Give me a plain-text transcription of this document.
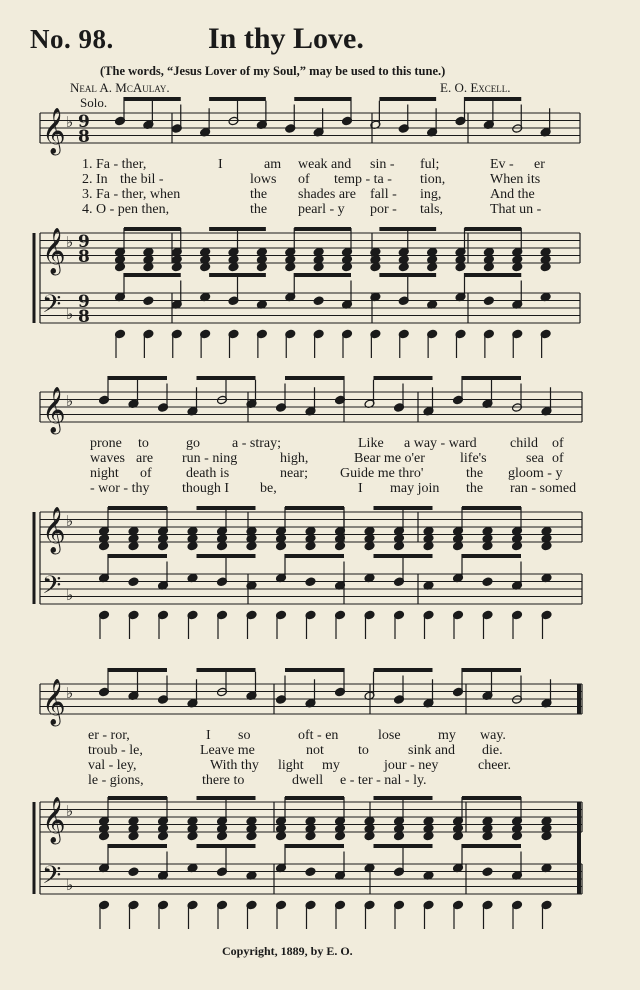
No. 98.	In thy Love.
(The words, “Jesus Lover of my Soul,” may be used to this tune.)
Neal A. McAulay.	E. O. Excell.
Solo.
𝄞
𝄞
𝄢
♭
♭
♭
9
8
9
8
9
8
𝄞
𝄞
𝄢
♭
♭
♭
𝄞
𝄞
𝄢
♭
♭
♭
1. Fa - ther,	I	am weak and sin - ful;	Ev - er
2. In the bil -	lows of temp - ta - tion,	When its
3. Fa - ther, when	the shades are fall - ing,	And the
4. O - pen then,	the pearl - y por - tals,	That un -
prone to	go a - stray;	Like a way - ward child of
waves are run - ning	high,	Bear me o'er	life's	sea of
night of death is	near; Guide me thro'	the gloom - y
- wor - thy though I be,	I may join the ran - somed
er - ror,	I so	oft - en	lose	my way.
troub - le,	Leave me	not to	sink and die.
val - ley,	With thy light my	jour - ney	cheer.
le - gions,	there to	dwell e - ter - nal - ly.
Copyright, 1889, by E. O.
